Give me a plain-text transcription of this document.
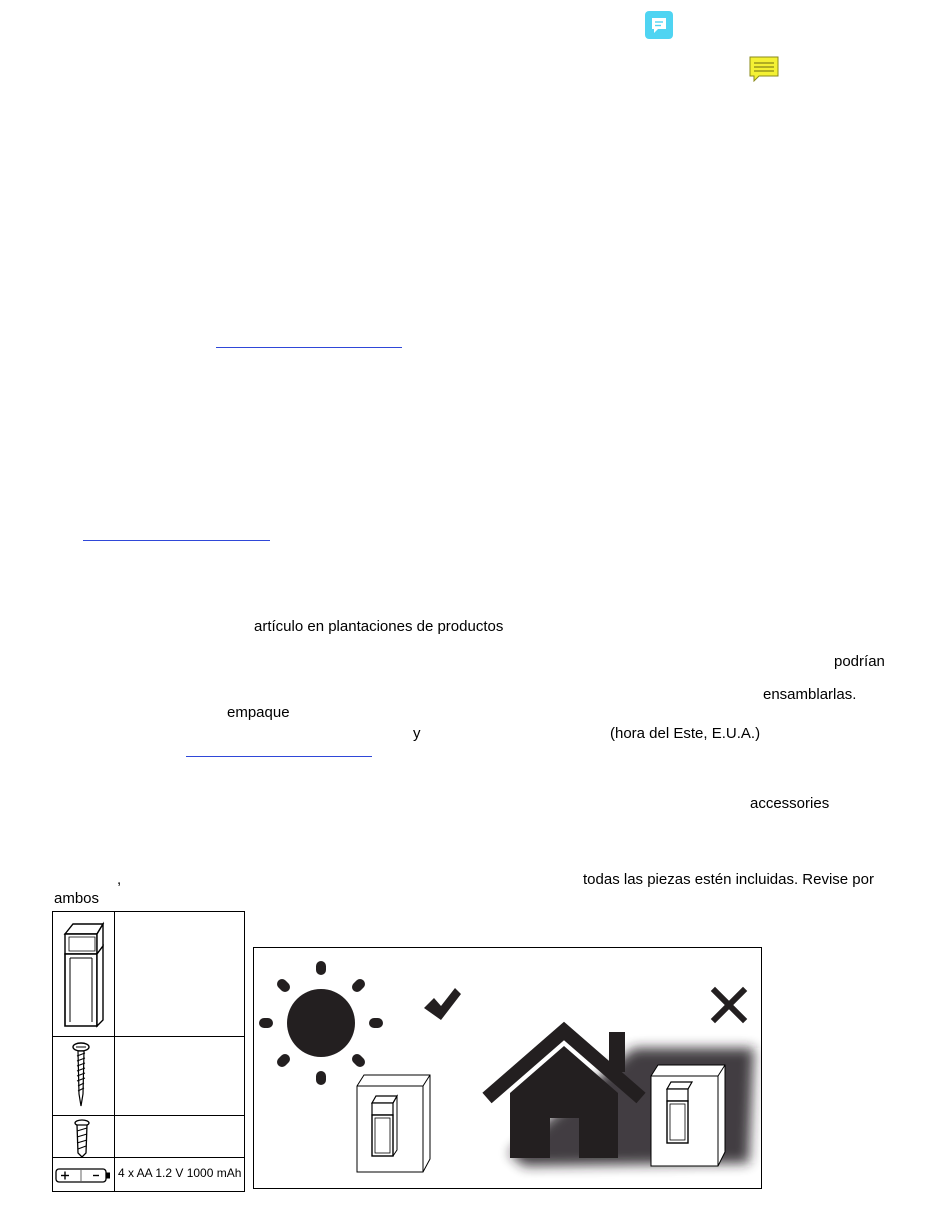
artículo en plantaciones de productos
podrían
ensamblarlas.
empaque
y	(hora del Este, E.U.A.)
accessories
,	todas las piezas estén incluidas. Revise por
ambos
4 x AA 1.2 V 1000 mAh
